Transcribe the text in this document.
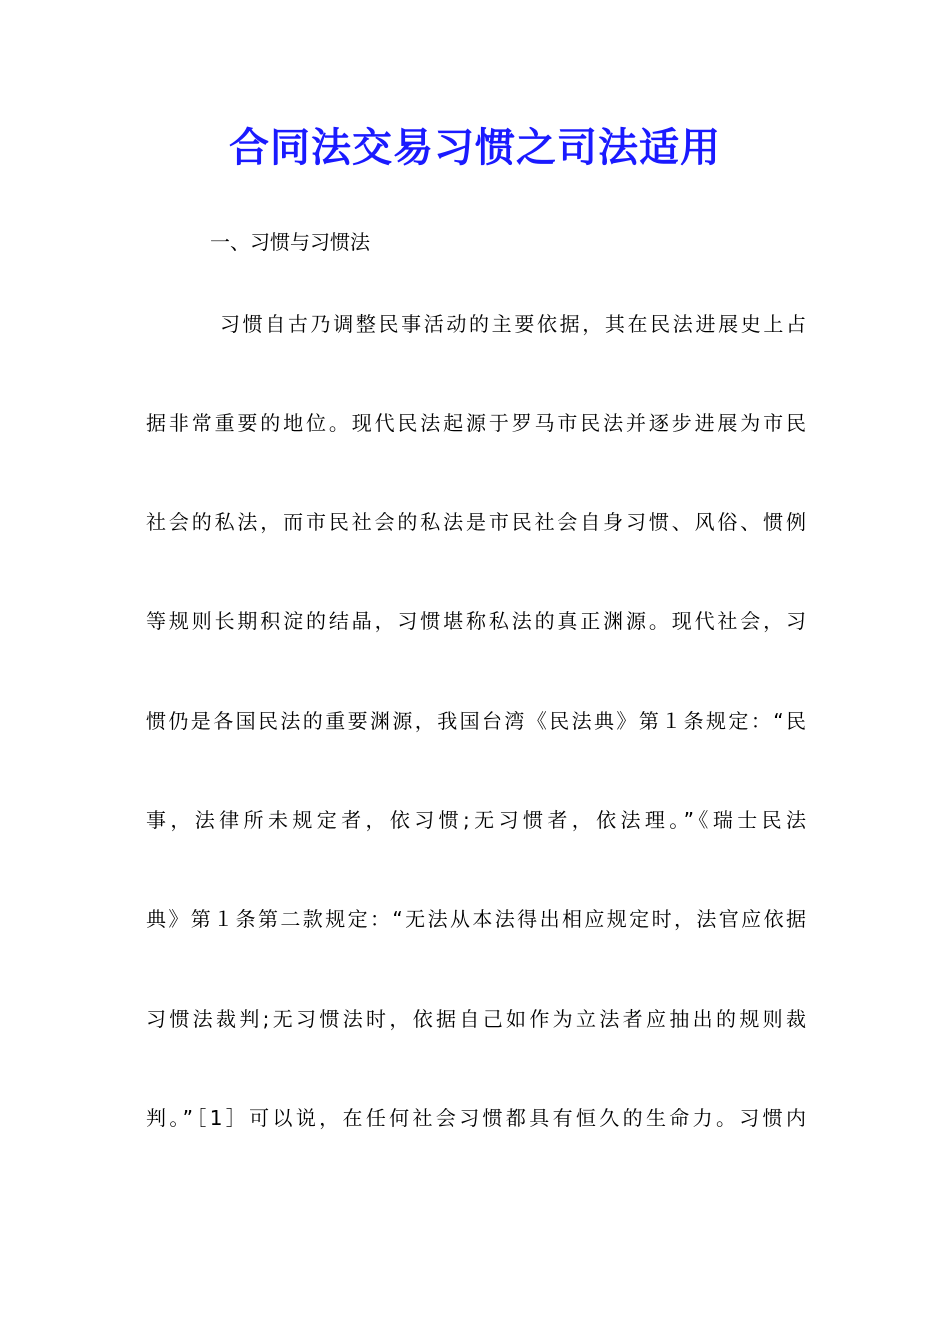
合同法交易习惯之司法适用
一、习惯与习惯法
习惯自古乃调整民事活动的主要依据，其在民法进展史上占
据非常重要的地位。现代民法起源于罗马市民法并逐步进展为市民
社会的私法，而市民社会的私法是市民社会自身习惯、风俗、惯例
等规则长期积淀的结晶，习惯堪称私法的真正渊源。现代社会，习
惯仍是各国民法的重要渊源，我国台湾《民法典》第１条规定：“民
事，法律所未规定者，依习惯;无习惯者，依法理。”《瑞士民法
典》第１条第二款规定：“无法从本法得出相应规定时，法官应依据
习惯法裁判;无习惯法时，依据自己如作为立法者应抽出的规则裁
判。”［1］可以说，在任何社会习惯都具有恒久的生命力。习惯内
